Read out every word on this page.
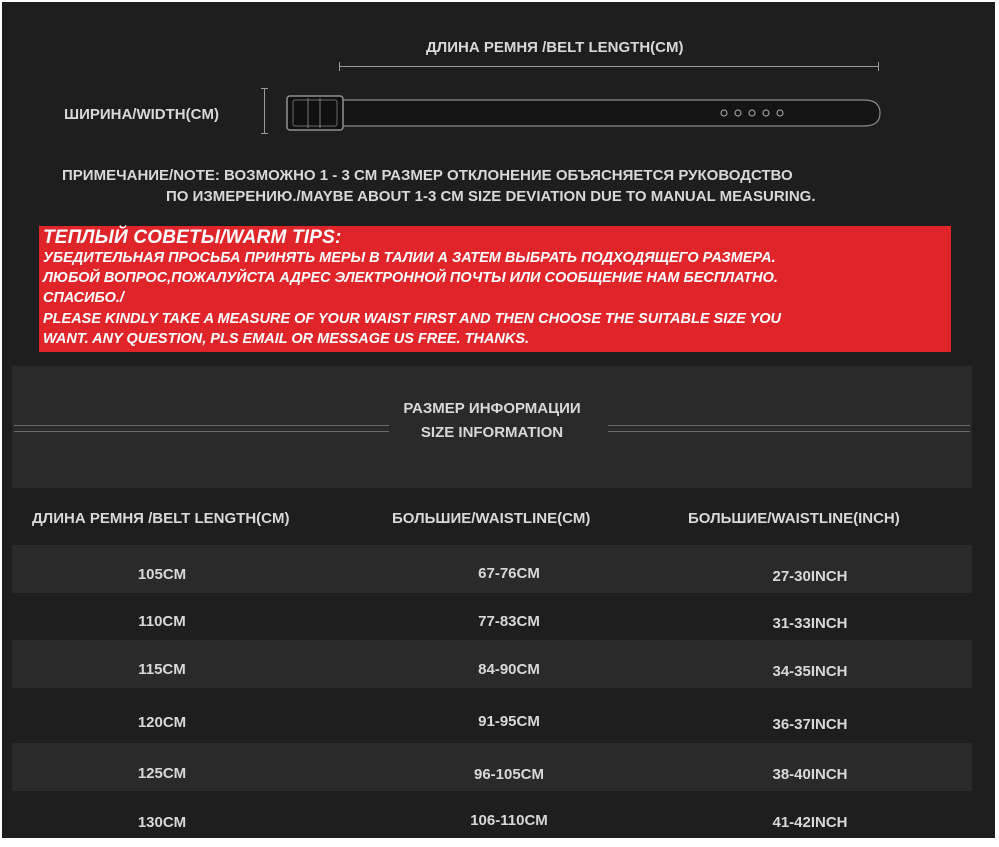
ДЛИНА РЕМНЯ /BELT LENGTH(CM)
ШИРИНА/WIDTH(CM)
ПРИМЕЧАНИЕ/NOTE: ВОЗМОЖНО 1 - 3 CM РАЗМЕР ОТКЛОНЕНИЕ ОБЪЯСНЯЕТСЯ РУКОВОДСТВО
ПО ИЗМЕРЕНИЮ./MAYBE ABOUT 1-3 CM SIZE DEVIATION DUE TO MANUAL MEASURING.
ТЕПЛЫЙ СОВЕТЫ/WARM TIPS:
УБЕДИТЕЛЬНАЯ ПРОСЬБА ПРИНЯТЬ МЕРЫ В ТАЛИИ А ЗАТЕМ ВЫБРАТЬ ПОДХОДЯЩЕГО РАЗМЕРА.
ЛЮБОЙ ВОПРОС,ПОЖАЛУЙСТА АДРЕС ЭЛЕКТРОННОЙ ПОЧТЫ ИЛИ СООБЩЕНИЕ НАМ БЕСПЛАТНО.
СПАСИБО./
PLEASE KINDLY TAKE A MEASURE OF YOUR WAIST FIRST AND THEN CHOOSE THE SUITABLE SIZE YOU
WANT. ANY QUESTION, PLS EMAIL OR MESSAGE US FREE. THANKS.
РАЗМЕР ИНФОРМАЦИИ
SIZE INFORMATION
ДЛИНА РЕМНЯ /BELT LENGTH(CM)	БОЛЬШИЕ/WAISTLINE(CM)	БОЛЬШИЕ/WAISTLINE(INCH)
105CM	67-76CM	27-30INCH
110CM	77-83CM	31-33INCH
115CM	84-90CM	34-35INCH
120CM	91-95CM	36-37INCH
125CM	96-105CM	38-40INCH
130CM	106-110CM	41-42INCH
